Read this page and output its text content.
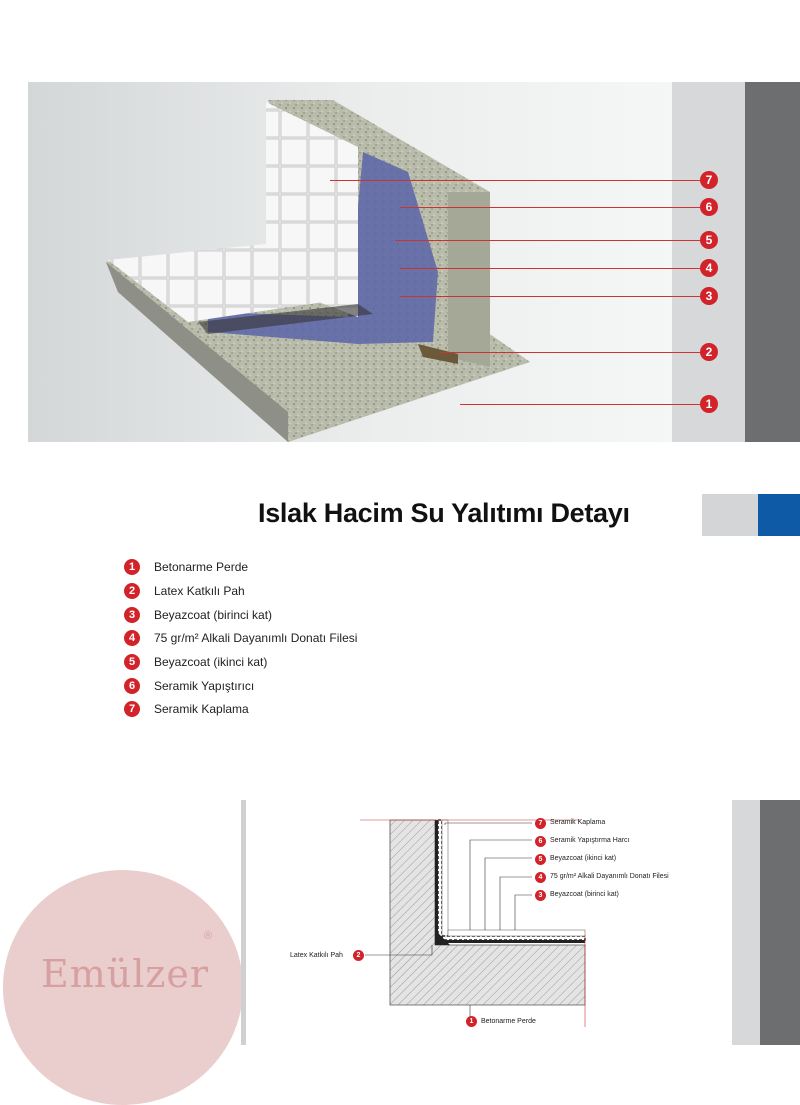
7
6
5
4
3
2
1
Islak Hacim Su Yalıtımı Detayı
1	Betonarme Perde
2	Latex Katkılı Pah
3	Beyazcoat (birinci kat)
4	75 gr/m² Alkali Dayanımlı Donatı Filesi
5	Beyazcoat (ikinci kat)
6	Seramik Yapıştırıcı
7	Seramik Kaplama
Emülzer
®
7	Seramik Kaplama
6	Seramik Yapıştırma Harcı
5	Beyazcoat (ikinci kat)
4	75 gr/m² Alkali Dayanımlı Donatı Filesi
3	Beyazcoat (birinci kat)
Latex Katkılı Pah	2
1	Betonarme Perde
